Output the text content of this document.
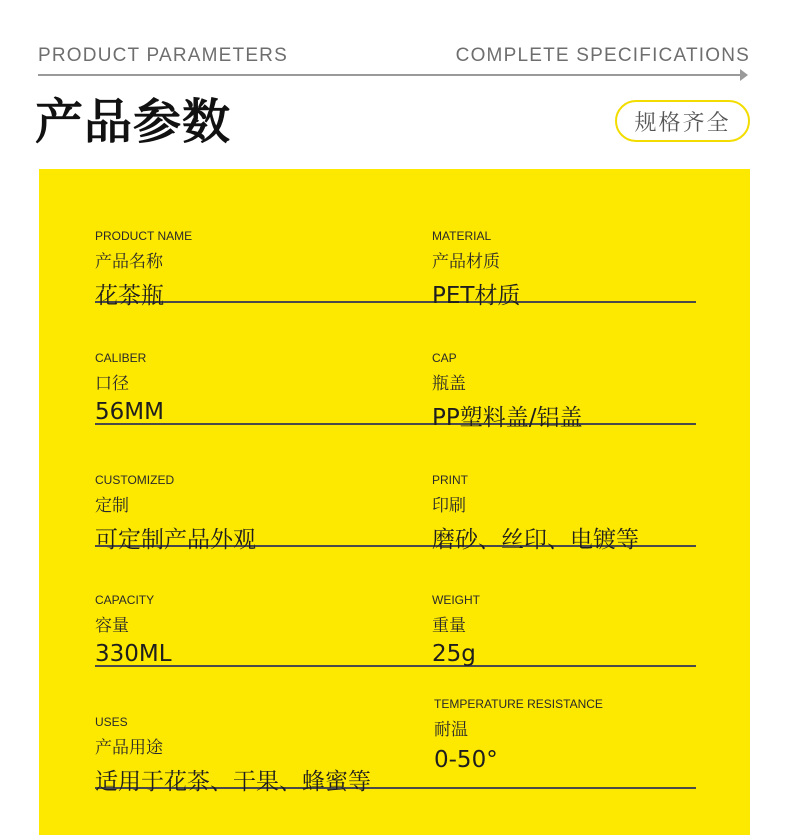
PRODUCT PARAMETERS	COMPLETE SPECIFICATIONS
产品参数	规格齐全
PRODUCT NAME
产品名称
花茶瓶
MATERIAL
产品材质
PET材质
CALIBER
口径
56MM
CAP
瓶盖
PP塑料盖/铝盖
CUSTOMIZED
定制
可定制产品外观
PRINT
印刷
磨砂、丝印、电镀等
CAPACITY
容量
330ML
WEIGHT
重量
25g
USES
产品用途
适用于花茶、干果、蜂蜜等
TEMPERATURE RESISTANCE
耐温
0-50°
